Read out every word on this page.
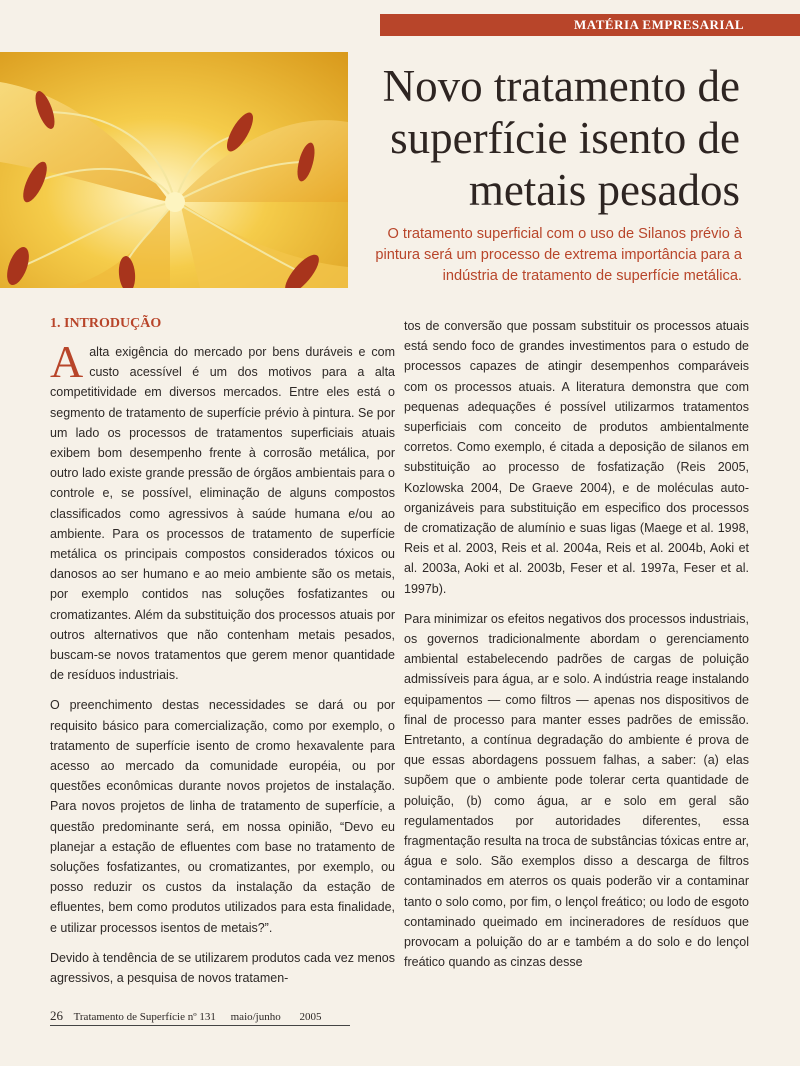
MATÉRIA EMPRESARIAL
Novo tratamento de
superfície isento de
metais pesados

O tratamento superficial com o uso de Silanos prévio à
pintura será um processo de extrema importância para a
indústria de tratamento de superfície metálica.

1. INTRODUÇÃO

Aalta exigência do mercado por bens duráveis e com custo acessível é um dos motivos para a alta competitividade em diversos mercados. Entre eles está o segmento de tratamento de superfície prévio à pintura. Se por um lado os processos de tratamentos superficiais atuais exibem bom desempenho frente à corrosão metálica, por outro lado existe grande pressão de órgãos ambientais para o controle e, se possível, eliminação de alguns compostos classificados como agressivos à saúde humana e/ou ao ambiente. Para os processos de tratamento de superfície metálica os principais compostos considerados tóxicos ou danosos ao ser humano e ao meio ambiente são os metais, por exemplo contidos nas soluções fosfatizantes ou cromatizantes. Além da substituição dos processos atuais por outros alternativos que não contenham metais pesados, buscam-se novos tratamentos que gerem menor quantidade de resíduos industriais.

O preenchimento destas necessidades se dará ou por requisito básico para comercialização, como por exemplo, o tratamento de superfície isento de cromo hexavalente para acesso ao mercado da comunidade européia, ou por questões econômicas durante novos projetos de instalação. Para novos projetos de linha de tratamento de superfície, a questão predominante será, em nossa opinião, “Devo eu planejar a estação de efluentes com base no tratamento de soluções fosfatizantes, ou cromatizantes, por exemplo, ou posso reduzir os custos da instalação da estação de efluentes, bem como produtos utilizados para esta finalidade, e utilizar processos isentos de metais?”.

Devido à tendência de se utilizarem produtos cada vez menos agressivos, a pesquisa de novos tratamen-

tos de conversão que possam substituir os processos atuais está sendo foco de grandes investimentos para o estudo de processos capazes de atingir desempenhos comparáveis com os processos atuais. A literatura demonstra que com pequenas adequações é possível utilizarmos tratamentos superficiais com conceito de produtos ambientalmente corretos. Como exemplo, é citada a deposição de silanos em substituição ao processo de fosfatização (Reis 2005, Kozlowska 2004, De Graeve 2004), e de moléculas auto-organizáveis para substituição em especifico dos processos de cromatização de alumínio e suas ligas (Maege et al. 1998, Reis et al. 2003, Reis et al. 2004a, Reis et al. 2004b, Aoki et al. 2003a, Aoki et al. 2003b, Feser et al. 1997a, Feser et al. 1997b).

Para minimizar os efeitos negativos dos processos industriais, os governos tradicionalmente abordam o gerenciamento ambiental estabelecendo padrões de cargas de poluição admissíveis para água, ar e solo. A indústria reage instalando equipamentos — como filtros — apenas nos dispositivos de final de processo para manter esses padrões de emissão. Entretanto, a contínua degradação do ambiente é prova de que essas abordagens possuem falhas, a saber: (a) elas supõem que o ambiente pode tolerar certa quantidade de poluição, (b) como água, ar e solo em geral são regulamentados por autoridades diferentes, essa fragmentação resulta na troca de substâncias tóxicas entre ar, água e solo. São exemplos disso a descarga de filtros contaminados em aterros os quais poderão vir a contaminar tanto o solo como, por fim, o lençol freático; ou lodo de esgoto contaminado queimado em incineradores de resíduos que provocam a poluição do ar e também a do solo e do lençol freático quando as cinzas desse

26 Tratamento de Superfície nº 131 maio/junho 2005
